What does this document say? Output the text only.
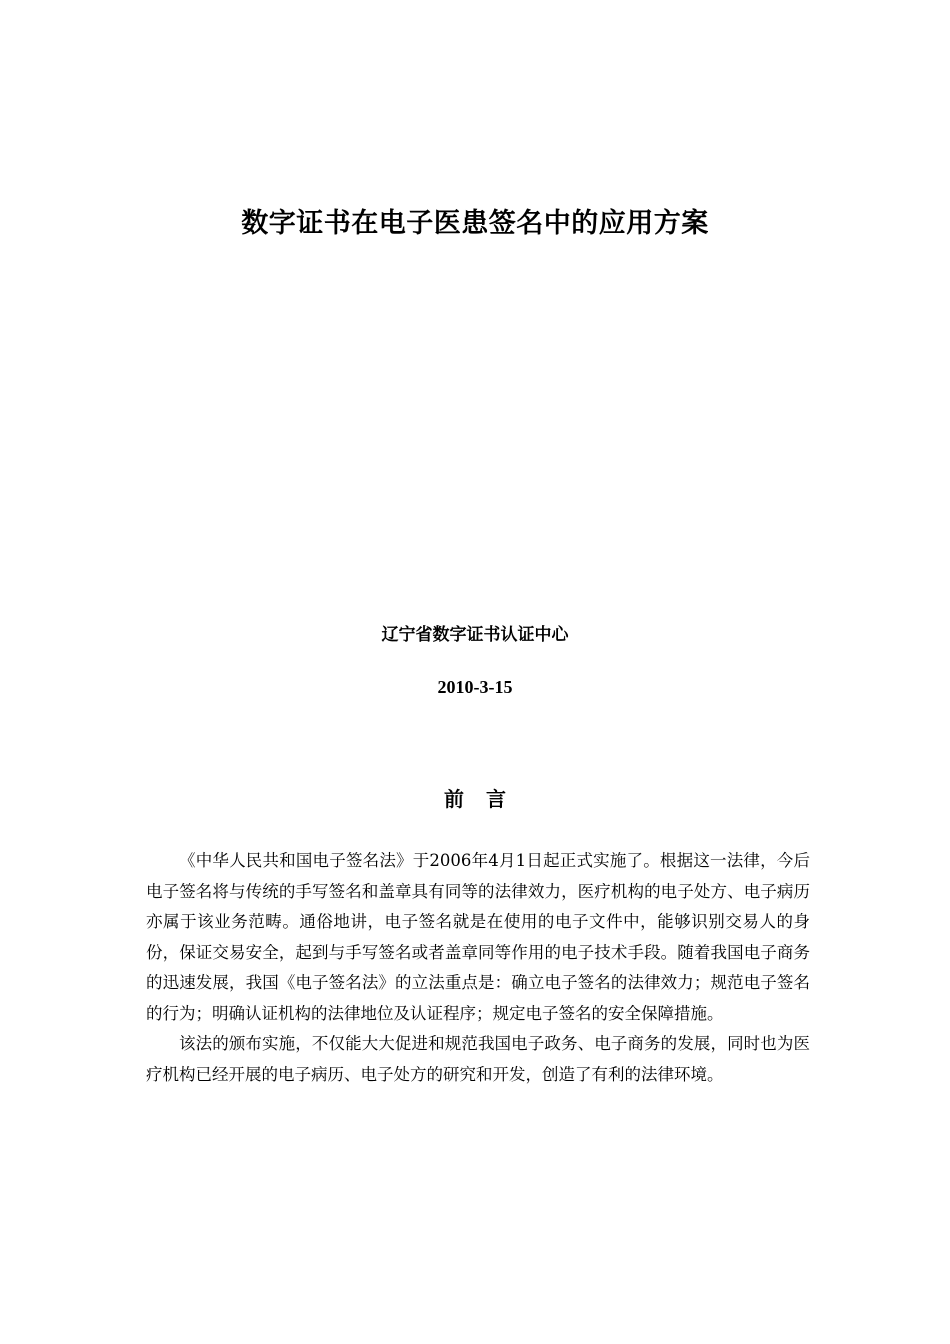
数字证书在电子医患签名中的应用方案
辽宁省数字证书认证中心
2010-3-15
前言

《中华人民共和国电子签名法》于2006年4月1日起正式实施了。根据这一法律，今后电子签名将与传统的手写签名和盖章具有同等的法律效力，医疗机构的电子处方、电子病历亦属于该业务范畴。通俗地讲，电子签名就是在使用的电子文件中，能够识别交易人的身份，保证交易安全，起到与手写签名或者盖章同等作用的电子技术手段。随着我国电子商务的迅速发展，我国《电子签名法》的立法重点是：确立电子签名的法律效力；规范电子签名的行为；明确认证机构的法律地位及认证程序；规定电子签名的安全保障措施。

该法的颁布实施，不仅能大大促进和规范我国电子政务、电子商务的发展，同时也为医疗机构已经开展的电子病历、电子处方的研究和开发，创造了有利的法律环境。
